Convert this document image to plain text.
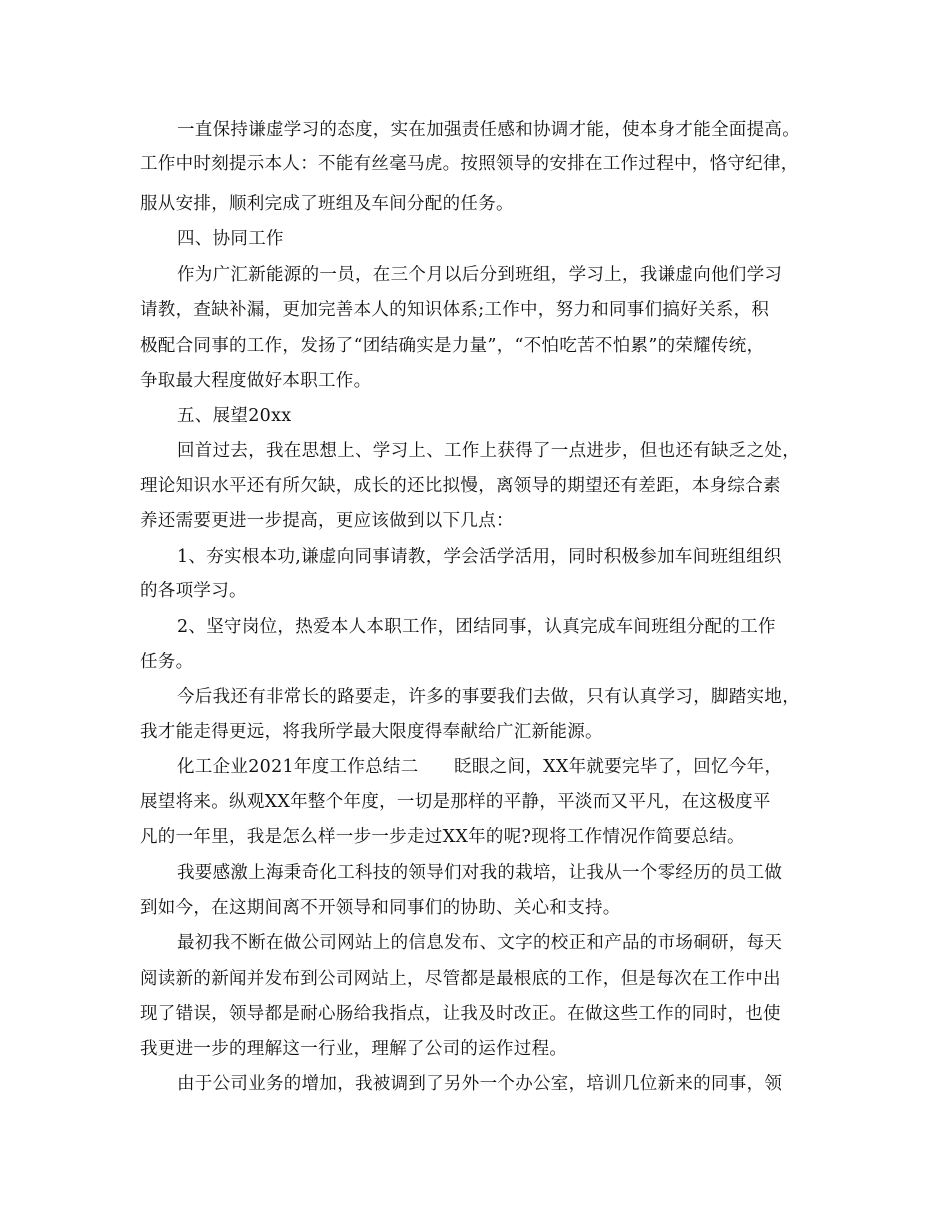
一直保持谦虚学习的态度，实在加强责任感和协调才能，使本身才能全面提高。
工作中时刻提示本人：不能有丝毫马虎。按照领导的安排在工作过程中，恪守纪律，
服从安排，顺利完成了班组及车间分配的任务。
四、协同工作
作为广汇新能源的一员，在三个月以后分到班组，学习上，我谦虚向他们学习
请教，查缺补漏，更加完善本人的知识体系;工作中，努力和同事们搞好关系，积
极配合同事的工作，发扬了“团结确实是力量”，“不怕吃苦不怕累”的荣耀传统，
争取最大程度做好本职工作。
五、展望20xx
回首过去，我在思想上、学习上、工作上获得了一点进步，但也还有缺乏之处，
理论知识水平还有所欠缺，成长的还比拟慢，离领导的期望还有差距，本身综合素
养还需要更进一步提高，更应该做到以下几点：
1、夯实根本功,谦虚向同事请教，学会活学活用，同时积极参加车间班组组织
的各项学习。
2、坚守岗位，热爱本人本职工作，团结同事，认真完成车间班组分配的工作
任务。
今后我还有非常长的路要走，许多的事要我们去做，只有认真学习，脚踏实地，
我才能走得更远，将我所学最大限度得奉献给广汇新能源。
化工企业2021年度工作总结二　　眨眼之间，XX年就要完毕了，回忆今年，
展望将来。纵观XX年整个年度，一切是那样的平静，平淡而又平凡，在这极度平
凡的一年里，我是怎么样一步一步走过XX年的呢?现将工作情况作简要总结。
我要感激上海秉奇化工科技的领导们对我的栽培，让我从一个零经历的员工做
到如今，在这期间离不开领导和同事们的协助、关心和支持。
最初我不断在做公司网站上的信息发布、文字的校正和产品的市场硐研，每天
阅读新的新闻并发布到公司网站上，尽管都是最根底的工作，但是每次在工作中出
现了错误，领导都是耐心肠给我指点，让我及时改正。在做这些工作的同时，也使
我更进一步的理解这一行业，理解了公司的运作过程。
由于公司业务的增加，我被调到了另外一个办公室，培训几位新来的同事，领
